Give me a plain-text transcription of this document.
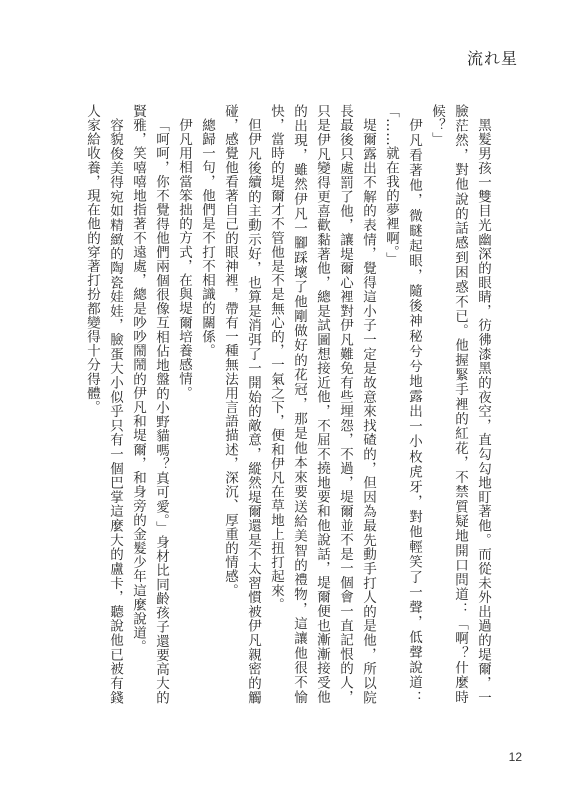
流れ星

黑髮男孩一雙目光幽深的眼睛，彷彿漆黑的夜空，直勾勾地盯著他。而從未外出過的堤爾，一臉茫然，對他說的話感到困惑不已。他握緊手裡的紅花，不禁質疑地開口問道：「啊？什麼時候？」

伊凡看著他，微瞇起眼，隨後神秘兮兮地露出一小枚虎牙，對他輕笑了一聲，低聲說道：「……就在我的夢裡啊。」

堤爾露出不解的表情，覺得這小子一定是故意來找碴的，但因為最先動手打人的是他，所以院長最後只處罰了他，讓堤爾心裡對伊凡難免有些埋怨，不過，堤爾並不是一個會一直記恨的人，只是伊凡變得更喜歡黏著他，總是試圖想接近他，不屈不撓地要和他說話，堤爾便也漸漸接受他的出現，雖然伊凡一腳踩壞了他剛做好的花冠，那是他本來要送給美智的禮物，這讓他很不愉快，當時的堤爾才不管他是不是無心的，一氣之下，便和伊凡在草地上扭打起來。

但伊凡後續的主動示好，也算是消弭了一開始的敵意，縱然堤爾還是不太習慣被伊凡親密的觸碰，感覺他看著自己的眼神裡，帶有一種無法用言語描述，深沉、厚重的情感。

總歸一句，他們是不打不相識的關係。

伊凡用相當笨拙的方式，在與堤爾培養感情。

「呵呵，你不覺得他們兩個很像互相佔地盤的小野貓嗎？真可愛。」身材比同齡孩子還要高大的賢雅，笑嘻嘻地指著不遠處，總是吵吵鬧鬧的伊凡和堤爾，和身旁的金髮少年這麼說道。

容貌俊美得宛如精緻的陶瓷娃娃，臉蛋大小似乎只有一個巴掌這麼大的盧卡，聽說他已被有錢人家給收養，現在他的穿著打扮都變得十分得體。

12
